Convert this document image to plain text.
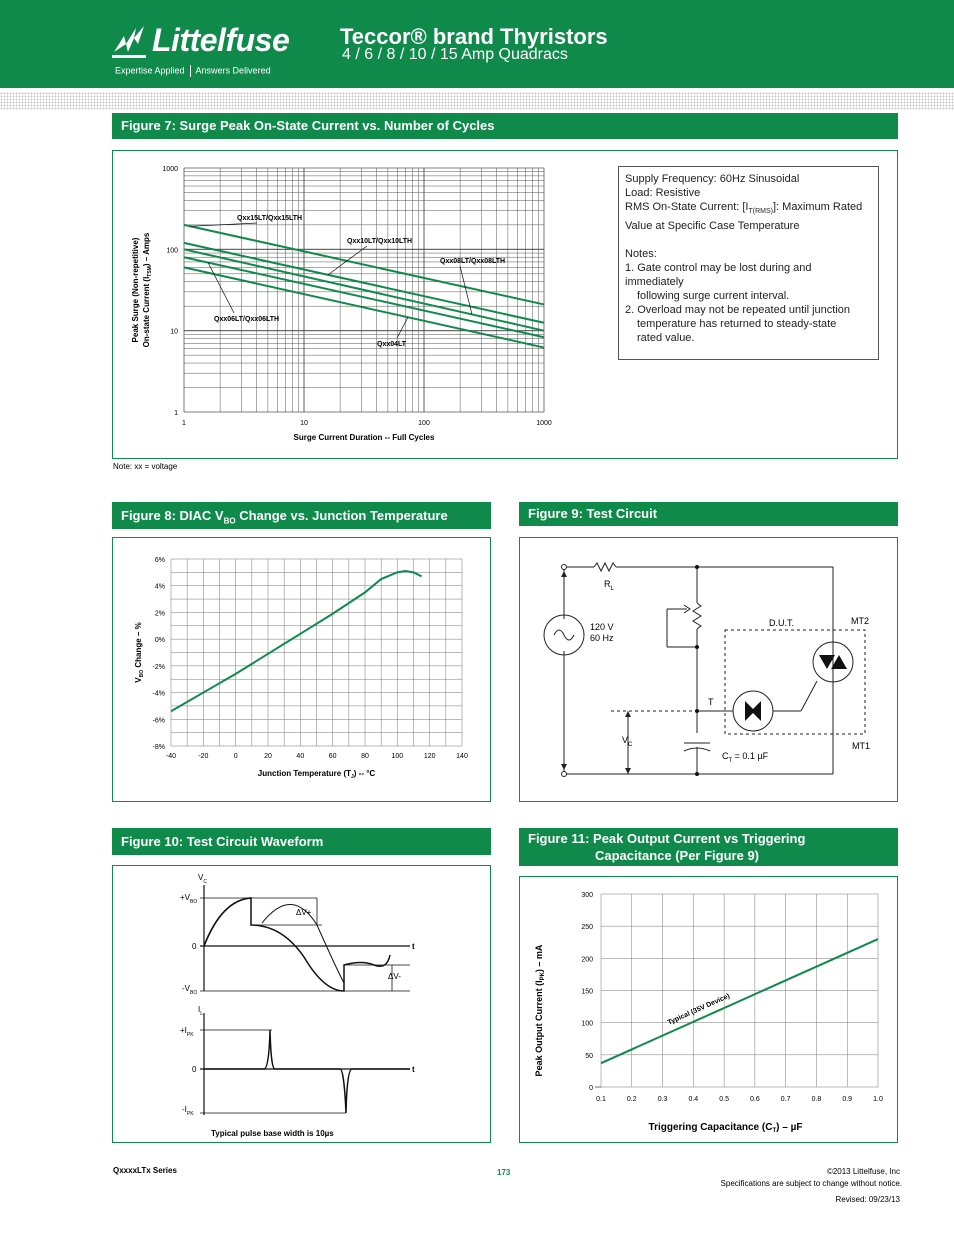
Littelfuse
Expertise Applied Answers Delivered
Teccor® brand Thyristors
4 / 6 / 8 / 10 / 15 Amp Quadracs
Figure 7: Surge Peak On-State Current vs. Number of Cycles
1	10	100	1000
1
10
100
1000
Surge Current Duration -- Full Cycles
Peak Surge (Non-repetitive) On-state Current $(I_{TSM})$ – Amps
Qxx15LT/Qxx15LTH
Qxx10LT/Qxx10LTH
Qxx08LT/Qxx08LTH
Qxx06LT/Qxx06LTH
Qxx04LT

Supply Frequency: 60Hz Sinusoidal

Load: Resistive

RMS On-State Current: $[I_{T(RMS)}]$: Maximum Rated

Value at Specific Case Temperature

Notes:

1. Gate control may be lost during and immediately

following surge current interval.

2. Overload may not be repeated until junction

temperature has returned to steady-state

rated value.

Note: xx = voltage
Figure 8: DIAC $V_{BO}$ Change vs. Junction Temperature
-40	-20	0	20	40	60	80	100	120	140
6%
4%
2%
0%
-2%
-4%
-6%
-8%
Junction Temperature $(T_J) -- ^\circ C$
$V_{BO}$ Change – %
Figure 9: Test Circuit
$R_L$
120 V
60 Hz
D.U.T.	MT2
MT1
T
$V_C$
$C_T = 0.1$ µF
Figure 10: Test Circuit Waveform
$V_C$
$+V_{BO}$
0
$-V_{BO}$
t
ΔV+
ΔV-
$I_L$
$+I_{PK}$
0
$-I_{PK}$
t
Typical pulse base width is 10µs
Figure 11: Peak Output Current vs Triggering
Capacitance (Per Figure 9)
0.1	0.2	0.3	0.4	0.5	0.6	0.7	0.8	0.9	1.0
0
50
100
150
200
250
300
Triggering Capacitance $(C_T)$ – µF
Peak Output Current $(I_{PK})$ – mA
Typical (35V Device)
QxxxxLTx Series	173	©2013 Littelfuse, Inc
Specifications are subject to change without notice.
Revised: 09/23/13
